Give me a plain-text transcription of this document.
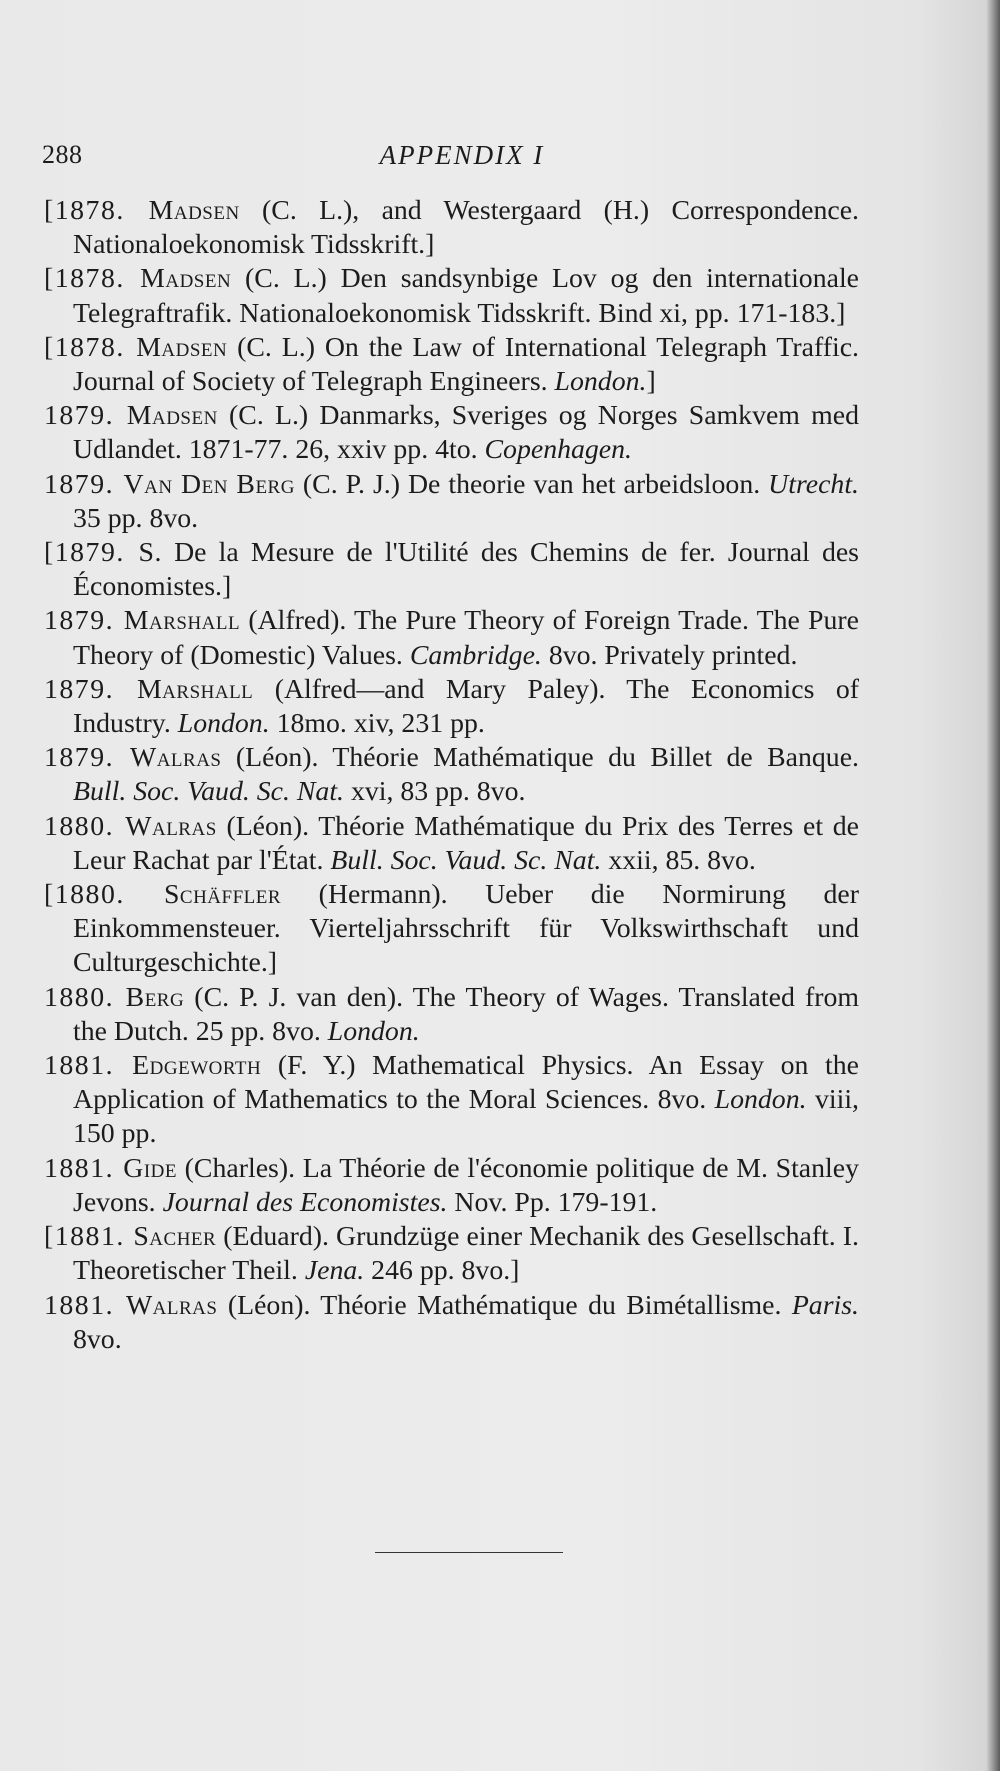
288	APPENDIX I

[1878. Madsen (C. L.), and Westergaard (H.) Correspondence. Nationaloekonomisk Tidsskrift.]

[1878. Madsen (C. L.) Den sandsynbige Lov og den internationale Telegraftrafik. Nationaloekonomisk Tidsskrift. Bind xi, pp. 171-183.]

[1878. Madsen (C. L.) On the Law of International Telegraph Traffic. Journal of Society of Telegraph Engineers. London.]

1879. Madsen (C. L.) Danmarks, Sveriges og Norges Samkvem med Udlandet. 1871-77. 26, xxiv pp. 4to. Copenhagen.

1879. Van Den Berg (C. P. J.) De theorie van het arbeidsloon. Utrecht. 35 pp. 8vo.

[1879. S. De la Mesure de l'Utilité des Chemins de fer. Journal des Économistes.]

1879. Marshall (Alfred). The Pure Theory of Foreign Trade. The Pure Theory of (Domestic) Values. Cambridge. 8vo. Privately printed.

1879. Marshall (Alfred—and Mary Paley). The Economics of Industry. London. 18mo. xiv, 231 pp.

1879. Walras (Léon). Théorie Mathématique du Billet de Banque. Bull. Soc. Vaud. Sc. Nat. xvi, 83 pp. 8vo.

1880. Walras (Léon). Théorie Mathématique du Prix des Terres et de Leur Rachat par l'État. Bull. Soc. Vaud. Sc. Nat. xxii, 85. 8vo.

[1880. Schäffler (Hermann). Ueber die Normirung der Einkommensteuer. Vierteljahrsschrift für Volkswirthschaft und Culturgeschichte.]

1880. Berg (C. P. J. van den). The Theory of Wages. Translated from the Dutch. 25 pp. 8vo. London.

1881. Edgeworth (F. Y.) Mathematical Physics. An Essay on the Application of Mathematics to the Moral Sciences. 8vo. London. viii, 150 pp.

1881. Gide (Charles). La Théorie de l'économie politique de M. Stanley Jevons. Journal des Economistes. Nov. Pp. 179-191.

[1881. Sacher (Eduard). Grundzüge einer Mechanik des Gesellschaft. I. Theoretischer Theil. Jena. 246 pp. 8vo.]

1881. Walras (Léon). Théorie Mathématique du Bimétallisme. Paris. 8vo.
